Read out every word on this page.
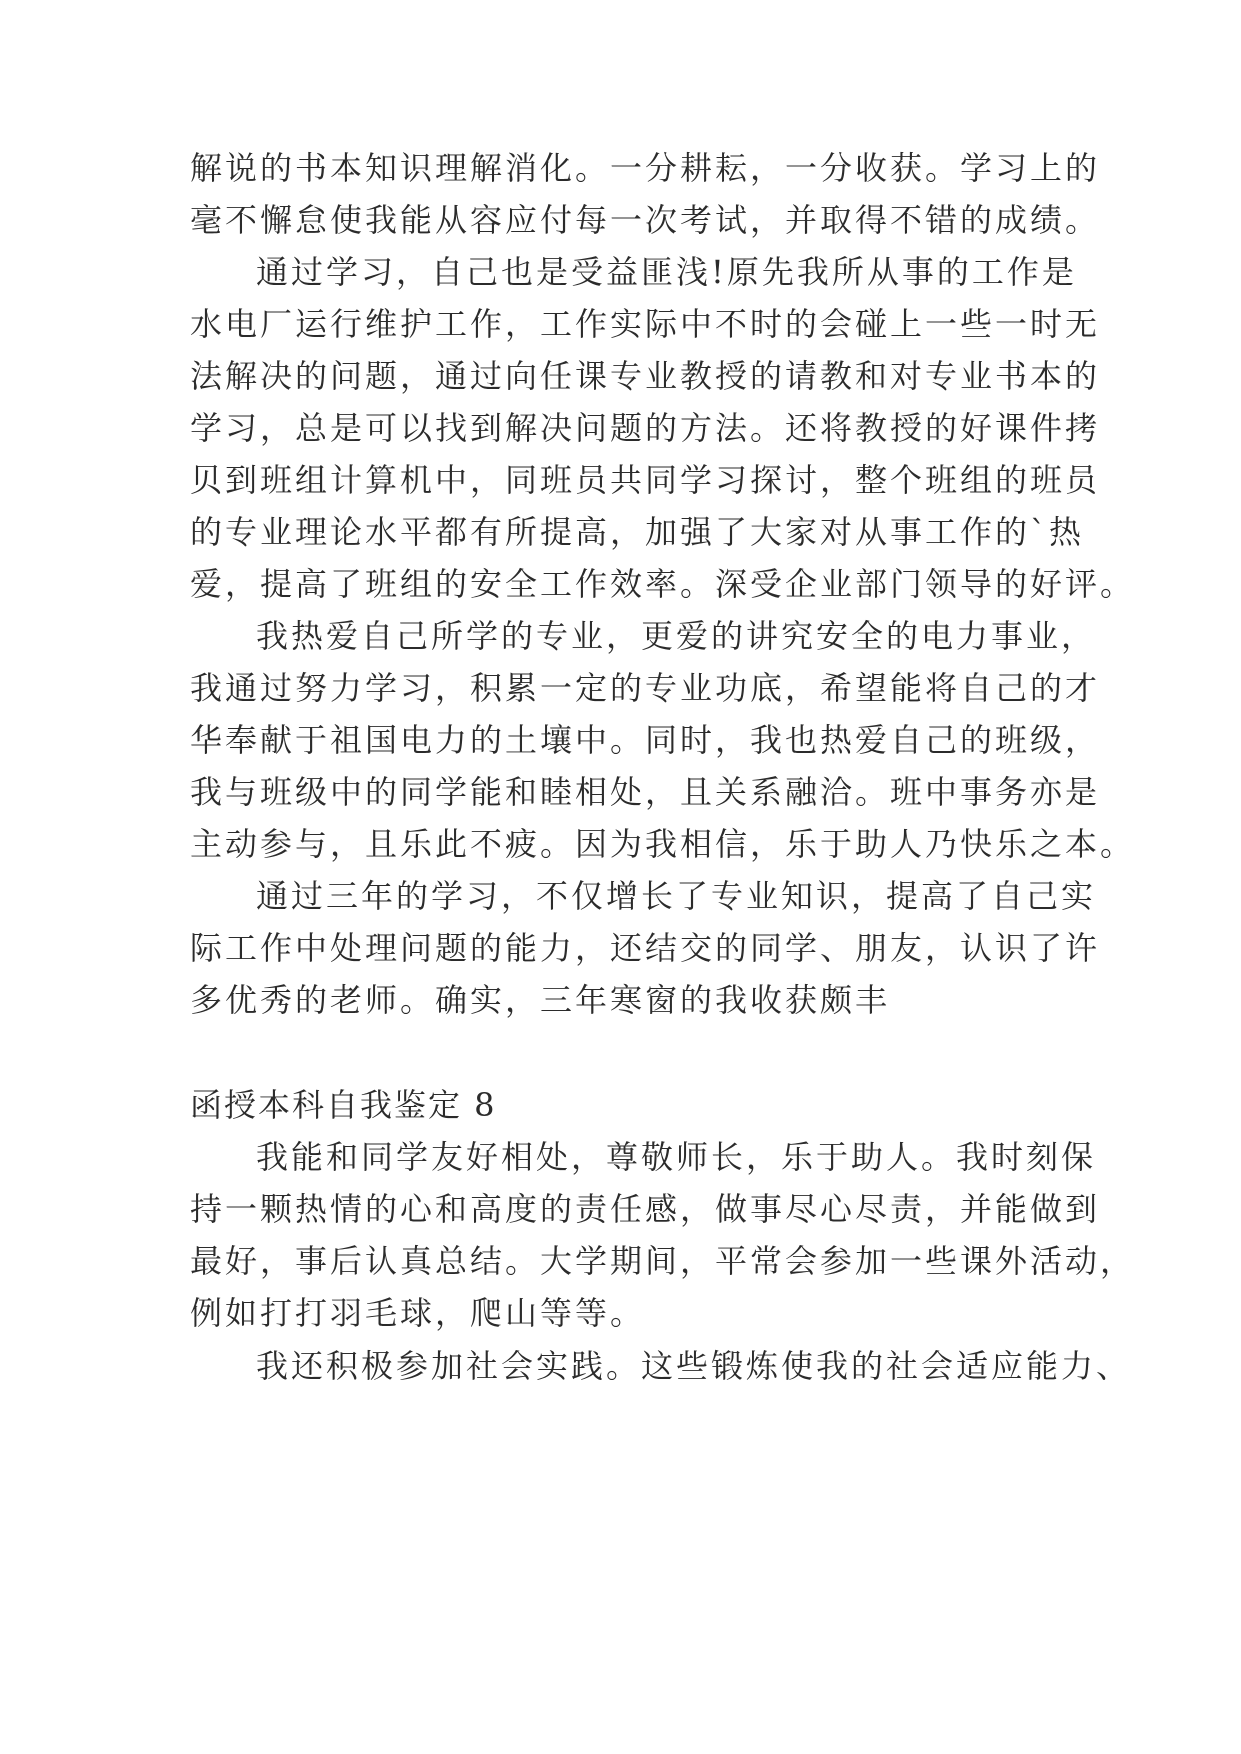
解说的书本知识理解消化。一分耕耘，一分收获。学习上的
毫不懈怠使我能从容应付每一次考试，并取得不错的成绩。
通过学习，自己也是受益匪浅!原先我所从事的工作是
水电厂运行维护工作，工作实际中不时的会碰上一些一时无
法解决的问题，通过向任课专业教授的请教和对专业书本的
学习，总是可以找到解决问题的方法。还将教授的好课件拷
贝到班组计算机中，同班员共同学习探讨，整个班组的班员
的专业理论水平都有所提高，加强了大家对从事工作的`热
爱，提高了班组的安全工作效率。深受企业部门领导的好评。
我热爱自己所学的专业，更爱的讲究安全的电力事业，
我通过努力学习，积累一定的专业功底，希望能将自己的才
华奉献于祖国电力的土壤中。同时，我也热爱自己的班级，
我与班级中的同学能和睦相处，且关系融洽。班中事务亦是
主动参与，且乐此不疲。因为我相信，乐于助人乃快乐之本。
通过三年的学习，不仅增长了专业知识，提高了自己实
际工作中处理问题的能力，还结交的同学、朋友，认识了许
多优秀的老师。确实，三年寒窗的我收获颇丰
函授本科自我鉴定 8
我能和同学友好相处，尊敬师长，乐于助人。我时刻保
持一颗热情的心和高度的责任感，做事尽心尽责，并能做到
最好，事后认真总结。大学期间，平常会参加一些课外活动，
例如打打羽毛球，爬山等等。
我还积极参加社会实践。这些锻炼使我的社会适应能力、
